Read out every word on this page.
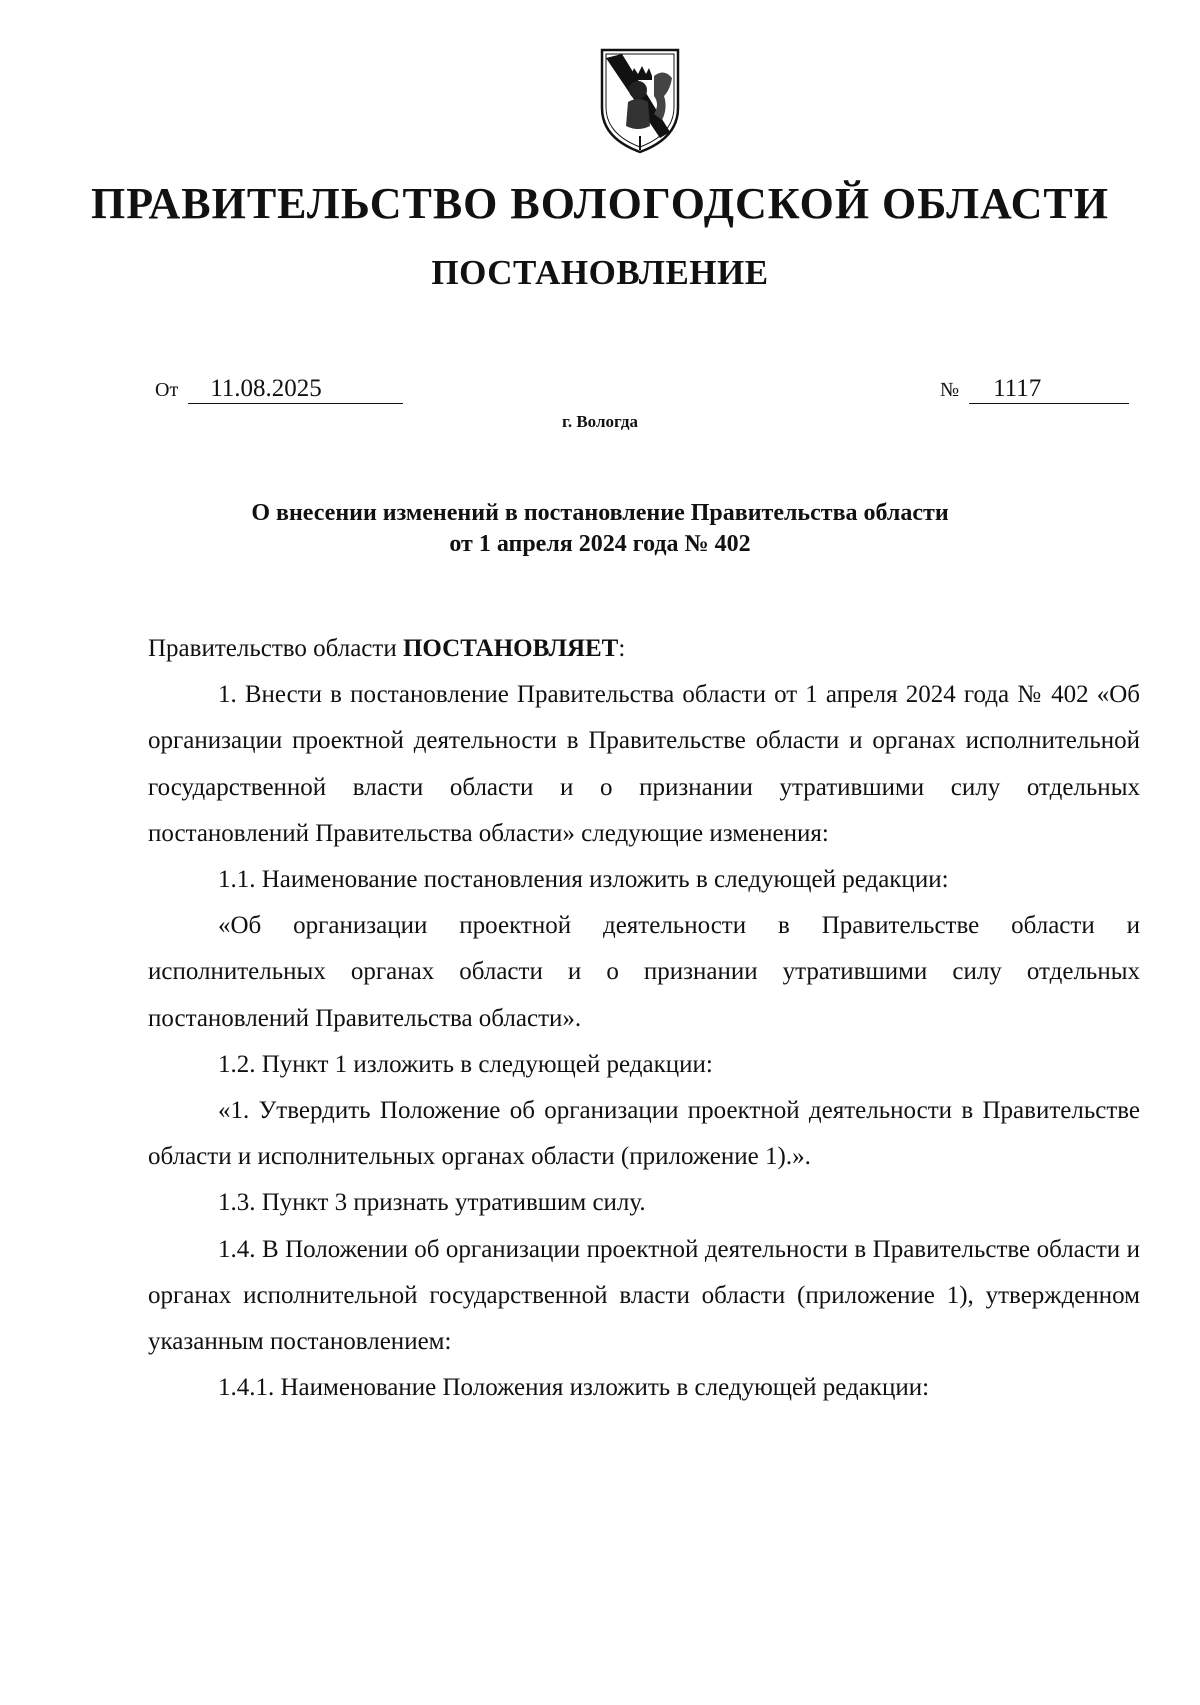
ПРАВИТЕЛЬСТВО ВОЛОГОДСКОЙ ОБЛАСТИ
ПОСТАНОВЛЕНИЕ
От	11.08.2025	№	1117
г. Вологда
О внесении изменений в постановление Правительства области
от 1 апреля 2024 года № 402

Правительство области ПОСТАНОВЛЯЕТ:

1. Внести в постановление Правительства области от 1 апреля 2024 года № 402 «Об организации проектной деятельности в Правительстве области и органах исполнительной государственной власти области и о признании утратившими силу отдельных постановлений Правительства области» следующие изменения:

1.1. Наименование постановления изложить в следующей редакции:

«Об организации проектной деятельности в Правительстве области и исполнительных органах области и о признании утратившими силу отдельных постановлений Правительства области».

1.2. Пункт 1 изложить в следующей редакции:

«1. Утвердить Положение об организации проектной деятельности в Правительстве области и исполнительных органах области (приложение 1).».

1.3. Пункт 3 признать утратившим силу.

1.4. В Положении об организации проектной деятельности в Правительстве области и органах исполнительной государственной власти области (приложение 1), утвержденном указанным постановлением:

1.4.1. Наименование Положения изложить в следующей редакции:
